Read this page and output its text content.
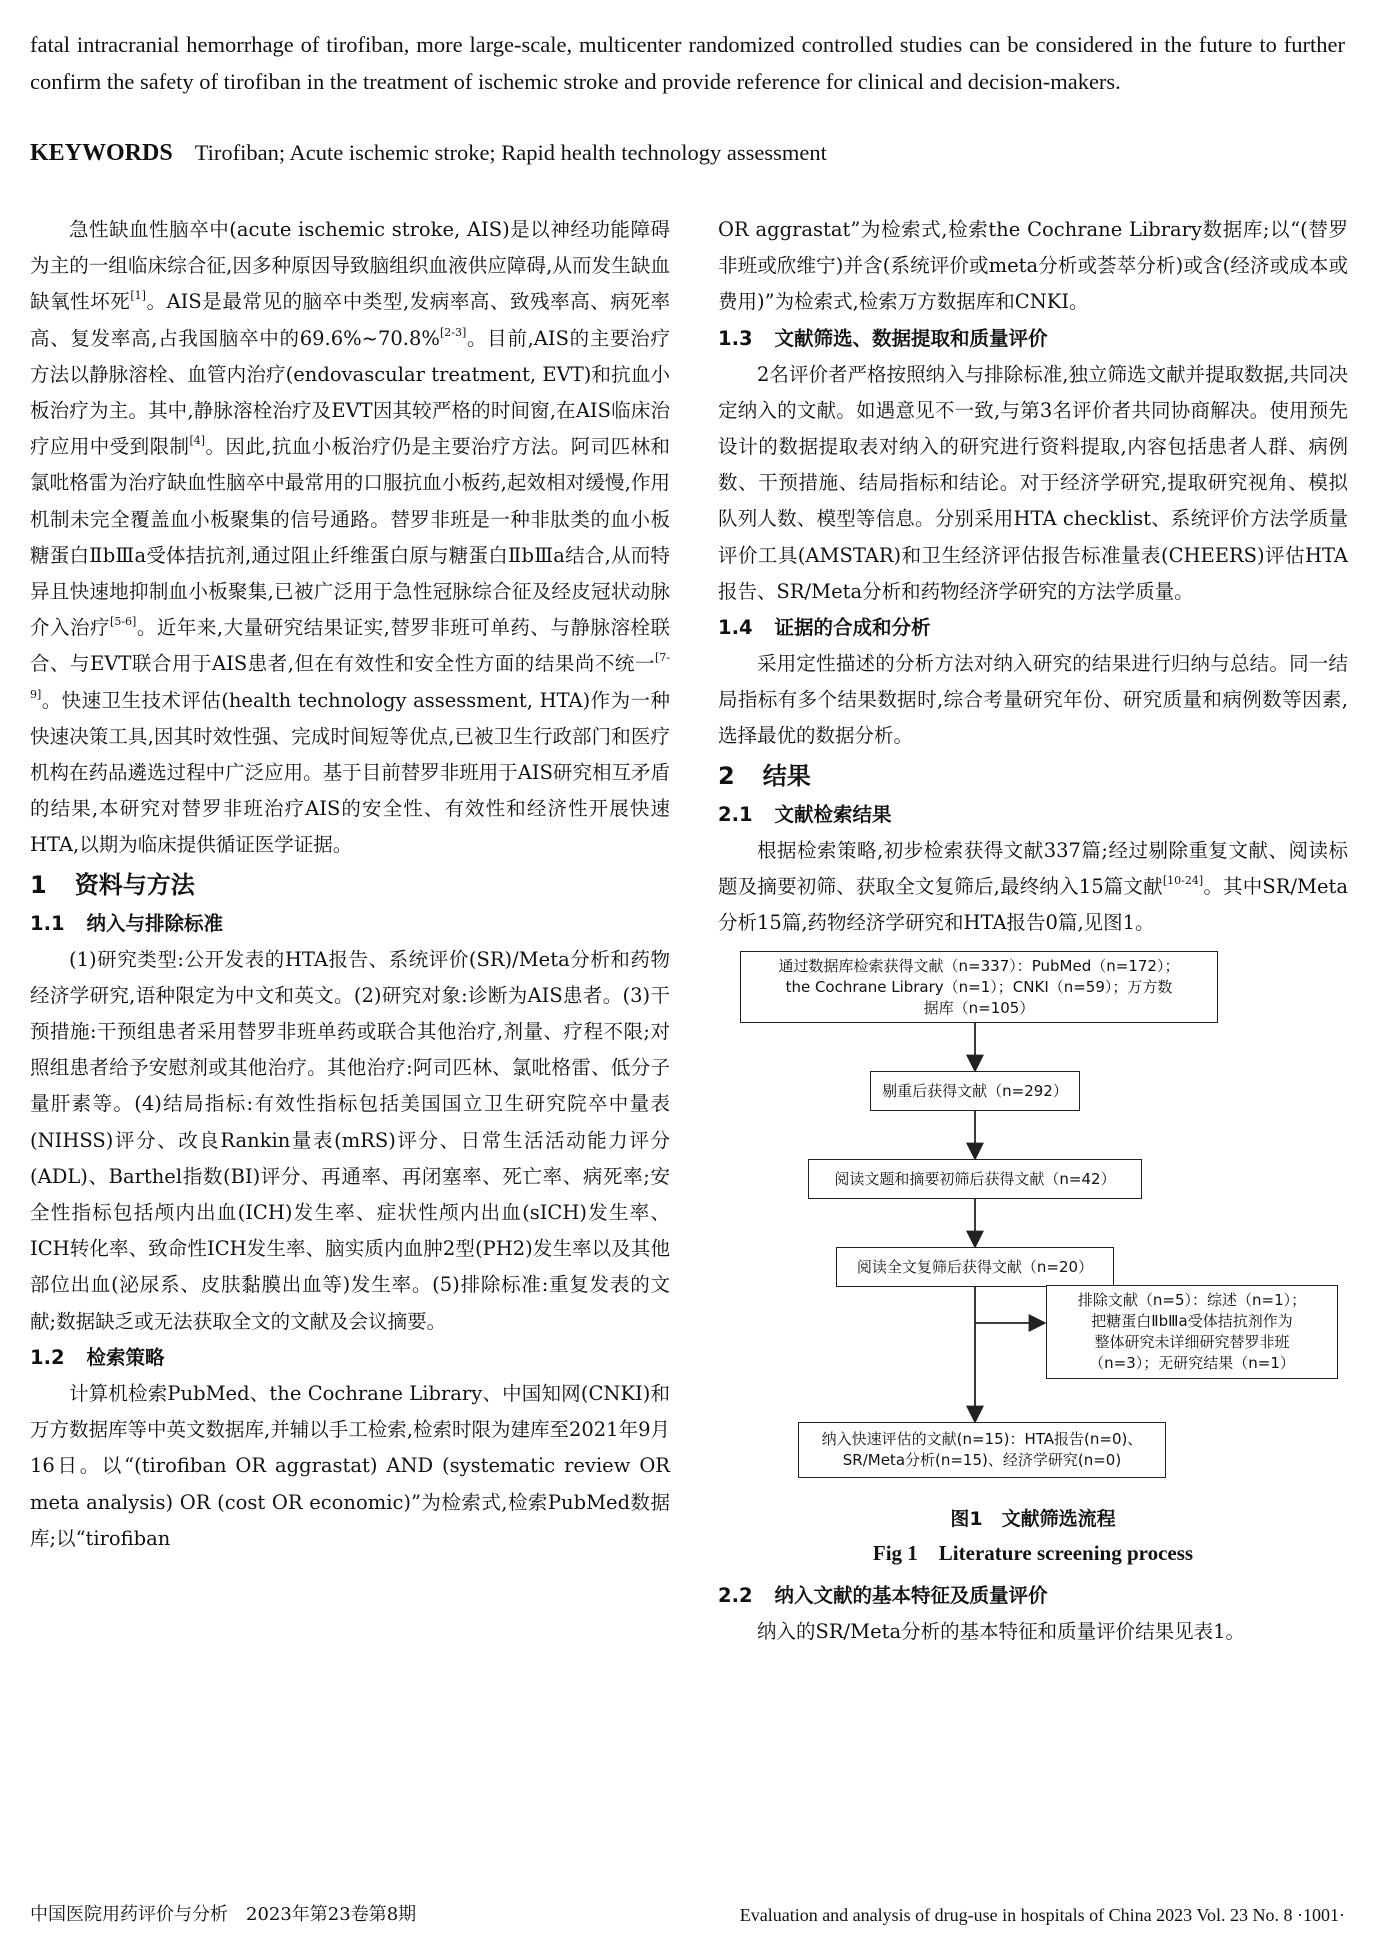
fatal intracranial hemorrhage of tirofiban, more large-scale, multicenter randomized controlled studies can be considered in the future to further confirm the safety of tirofiban in the treatment of ischemic stroke and provide reference for clinical and decision-makers.
KEYWORDS Tirofiban; Acute ischemic stroke; Rapid health technology assessment

急性缺血性脑卒中(acute ischemic stroke, AIS)是以神经功能障碍为主的一组临床综合征,因多种原因导致脑组织血液供应障碍,从而发生缺血缺氧性坏死[1]。AIS是最常见的脑卒中类型,发病率高、致残率高、病死率高、复发率高,占我国脑卒中的69.6%~70.8%[2-3]。目前,AIS的主要治疗方法以静脉溶栓、血管内治疗(endovascular treatment, EVT)和抗血小板治疗为主。其中,静脉溶栓治疗及EVT因其较严格的时间窗,在AIS临床治疗应用中受到限制[4]。因此,抗血小板治疗仍是主要治疗方法。阿司匹林和氯吡格雷为治疗缺血性脑卒中最常用的口服抗血小板药,起效相对缓慢,作用机制未完全覆盖血小板聚集的信号通路。替罗非班是一种非肽类的血小板糖蛋白ⅡbⅢa受体拮抗剂,通过阻止纤维蛋白原与糖蛋白ⅡbⅢa结合,从而特异且快速地抑制血小板聚集,已被广泛用于急性冠脉综合征及经皮冠状动脉介入治疗[5-6]。近年来,大量研究结果证实,替罗非班可单药、与静脉溶栓联合、与EVT联合用于AIS患者,但在有效性和安全性方面的结果尚不统一[7-9]。快速卫生技术评估(health technology assessment, HTA)作为一种快速决策工具,因其时效性强、完成时间短等优点,已被卫生行政部门和医疗机构在药品遴选过程中广泛应用。基于目前替罗非班用于AIS研究相互矛盾的结果,本研究对替罗非班治疗AIS的安全性、有效性和经济性开展快速HTA,以期为临床提供循证医学证据。

1 资料与方法
1.1 纳入与排除标准

(1)研究类型:公开发表的HTA报告、系统评价(SR)/Meta分析和药物经济学研究,语种限定为中文和英文。(2)研究对象:诊断为AIS患者。(3)干预措施:干预组患者采用替罗非班单药或联合其他治疗,剂量、疗程不限;对照组患者给予安慰剂或其他治疗。其他治疗:阿司匹林、氯吡格雷、低分子量肝素等。(4)结局指标:有效性指标包括美国国立卫生研究院卒中量表(NIHSS)评分、改良Rankin量表(mRS)评分、日常生活活动能力评分(ADL)、Barthel指数(BI)评分、再通率、再闭塞率、死亡率、病死率;安全性指标包括颅内出血(ICH)发生率、症状性颅内出血(sICH)发生率、ICH转化率、致命性ICH发生率、脑实质内血肿2型(PH2)发生率以及其他部位出血(泌尿系、皮肤黏膜出血等)发生率。(5)排除标准:重复发表的文献;数据缺乏或无法获取全文的文献及会议摘要。

1.2 检索策略

计算机检索PubMed、the Cochrane Library、中国知网(CNKI)和万方数据库等中英文数据库,并辅以手工检索,检索时限为建库至2021年9月16日。以“(tirofiban OR aggrastat) AND (systematic review OR meta analysis) OR (cost OR economic)”为检索式,检索PubMed数据库;以“tirofiban

OR aggrastat”为检索式,检索the Cochrane Library数据库;以“(替罗非班或欣维宁)并含(系统评价或meta分析或荟萃分析)或含(经济或成本或费用)”为检索式,检索万方数据库和CNKI。

1.3 文献筛选、数据提取和质量评价

2名评价者严格按照纳入与排除标准,独立筛选文献并提取数据,共同决定纳入的文献。如遇意见不一致,与第3名评价者共同协商解决。使用预先设计的数据提取表对纳入的研究进行资料提取,内容包括患者人群、病例数、干预措施、结局指标和结论。对于经济学研究,提取研究视角、模拟队列人数、模型等信息。分别采用HTA checklist、系统评价方法学质量评价工具(AMSTAR)和卫生经济评估报告标准量表(CHEERS)评估HTA报告、SR/Meta分析和药物经济学研究的方法学质量。

1.4 证据的合成和分析

采用定性描述的分析方法对纳入研究的结果进行归纳与总结。同一结局指标有多个结果数据时,综合考量研究年份、研究质量和病例数等因素,选择最优的数据分析。

2 结果
2.1 文献检索结果

根据检索策略,初步检索获得文献337篇;经过剔除重复文献、阅读标题及摘要初筛、获取全文复筛后,最终纳入15篇文献[10-24]。其中SR/Meta分析15篇,药物经济学研究和HTA报告0篇,见图1。

通过数据库检索获得文献（n=337）：PubMed（n=172）；
the Cochrane Library（n=1）；CNKI（n=59）；万方数
据库（n=105）
剔重后获得文献（n=292）
阅读文题和摘要初筛后获得文献（n=42）
阅读全文复筛后获得文献（n=20）
排除文献（n=5）：综述（n=1）；
把糖蛋白ⅡbⅢa受体拮抗剂作为
整体研究未详细研究替罗非班
（n=3）；无研究结果（n=1）
纳入快速评估的文献(n=15)：HTA报告(n=0)、
SR/Meta分析(n=15)、经济学研究(n=0)
图1　文献筛选流程
Fig 1　Literature screening process
2.2 纳入文献的基本特征及质量评价

纳入的SR/Meta分析的基本特征和质量评价结果见表1。

中国医院用药评价与分析　2023年第23卷第8期	Evaluation and analysis of drug-use in hospitals of China 2023 Vol. 23 No. 8 ·1001·
